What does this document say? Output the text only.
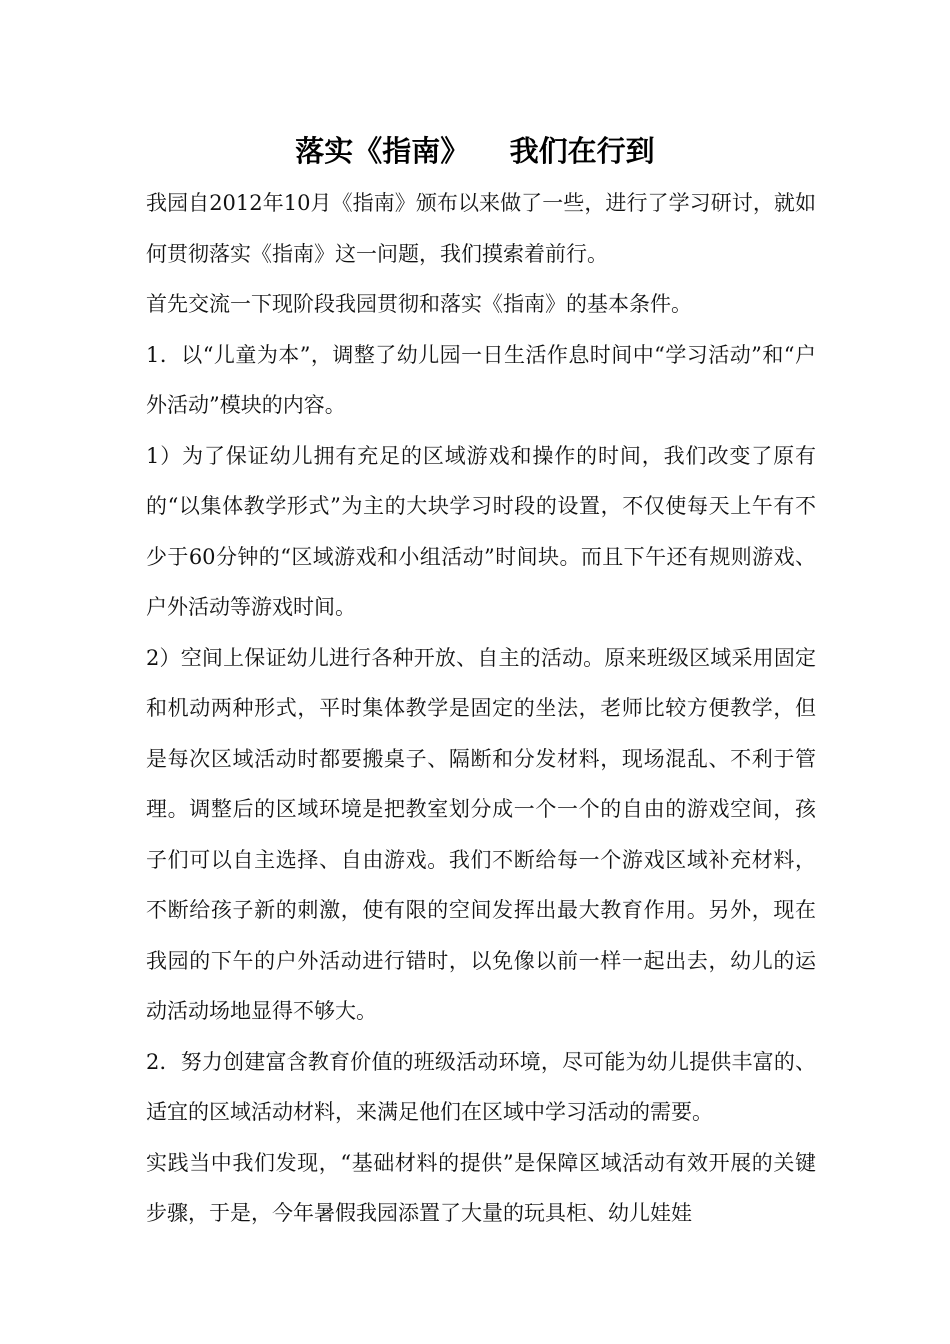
落实《指南》    我们在行到

我园自2012年10月《指南》颁布以来做了一些，进行了学习研讨，就如何贯彻落实《指南》这一问题，我们摸索着前行。

首先交流一下现阶段我园贯彻和落实《指南》的基本条件。

1．以“儿童为本”，调整了幼儿园一日生活作息时间中“学习活动”和“户外活动”模块的内容。

1）为了保证幼儿拥有充足的区域游戏和操作的时间，我们改变了原有的“以集体教学形式”为主的大块学习时段的设置，不仅使每天上午有不少于60分钟的“区域游戏和小组活动”时间块。而且下午还有规则游戏、户外活动等游戏时间。

2）空间上保证幼儿进行各种开放、自主的活动。原来班级区域采用固定和机动两种形式，平时集体教学是固定的坐法，老师比较方便教学，但是每次区域活动时都要搬桌子、隔断和分发材料，现场混乱、不利于管理。调整后的区域环境是把教室划分成一个一个的自由的游戏空间，孩子们可以自主选择、自由游戏。我们不断给每一个游戏区域补充材料，不断给孩子新的刺激，使有限的空间发挥出最大教育作用。另外，现在我园的下午的户外活动进行错时，以免像以前一样一起出去，幼儿的运动活动场地显得不够大。

2．努力创建富含教育价值的班级活动环境，尽可能为幼儿提供丰富的、适宜的区域活动材料，来满足他们在区域中学习活动的需要。

实践当中我们发现，“基础材料的提供”是保障区域活动有效开展的关键步骤，于是，今年暑假我园添置了大量的玩具柜、幼儿娃娃
